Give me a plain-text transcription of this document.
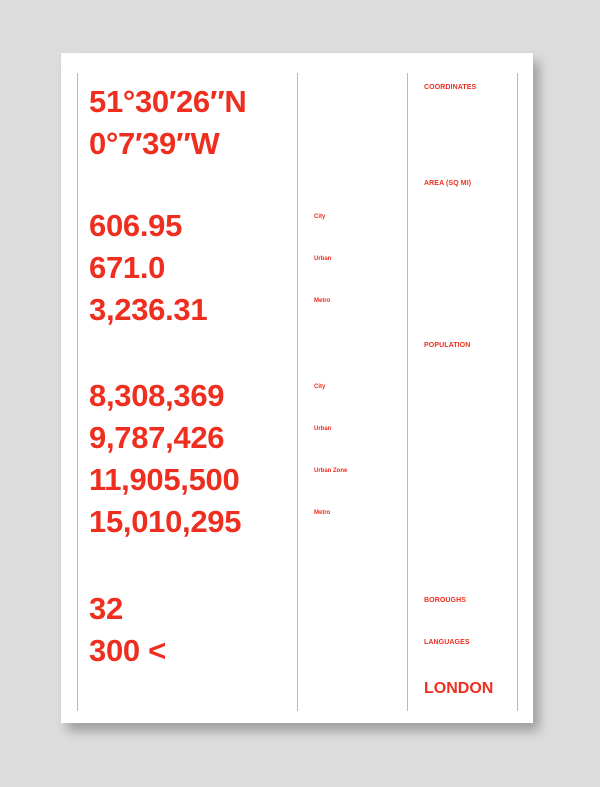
51°30′26″N
0°7′39″W
606.95
671.0
3,236.31
8,308,369
9,787,426
11,905,500
15,010,295
32
300 <
City
Urban
Metro
City
Urban
Urban Zone
Metro
COORDINATES
AREA (SQ MI)
POPULATION
BOROUGHS
LANGUAGES
LONDON
